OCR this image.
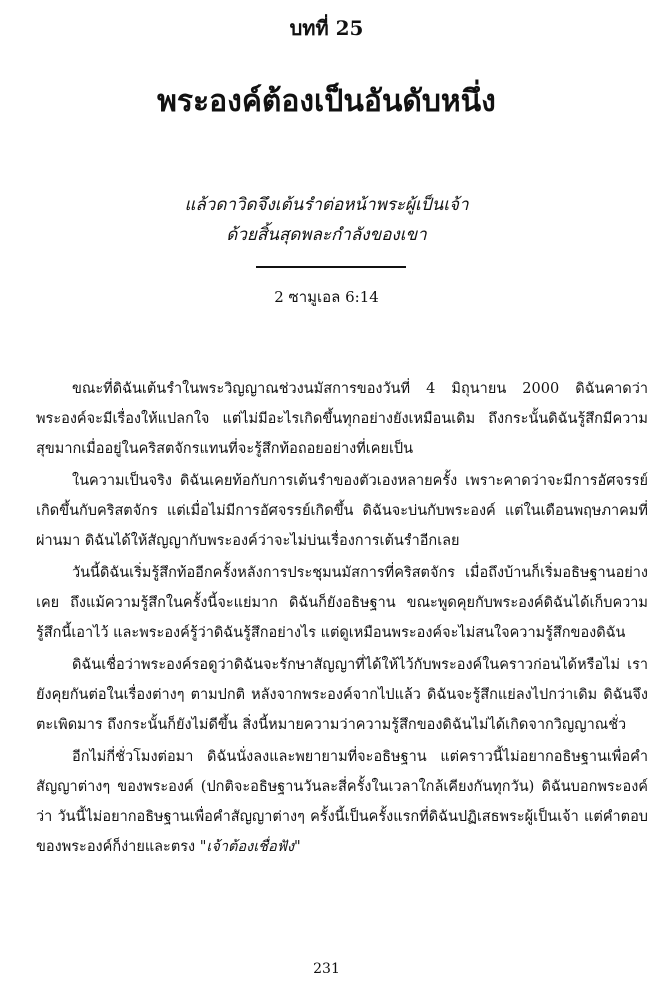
บทที่ 25
พระองค์ต้องเป็นอันดับหนึ่ง
แล้วดาวิดจึงเต้นรำต่อหน้าพระผู้เป็นเจ้า
ด้วยสิ้นสุดพละกำลังของเขา
2 ซามูเอล 6:14

ขณะที่ดิฉันเต้นรำในพระวิญญาณช่วงนมัสการของวันที่ 4 มิถุนายน 2000 ดิฉันคาดว่าพระองค์จะมีเรื่องให้แปลกใจ แต่ไม่มีอะไรเกิดขึ้นทุกอย่างยังเหมือนเดิม ถึงกระนั้นดิฉันรู้สึกมีความสุขมากเมื่ออยู่ในคริสตจักรแทนที่จะรู้สึกท้อถอยอย่างที่เคยเป็น

ในความเป็นจริง ดิฉันเคยท้อกับการเต้นรำของตัวเองหลายครั้ง เพราะคาดว่าจะมีการอัศจรรย์เกิดขึ้นกับคริสตจักร แต่เมื่อไม่มีการอัศจรรย์เกิดขึ้น ดิฉันจะบ่นกับพระองค์ แต่ในเดือนพฤษภาคมที่ผ่านมา ดิฉันได้ให้สัญญากับพระองค์ว่าจะไม่บ่นเรื่องการเต้นรำอีกเลย

วันนี้ดิฉันเริ่มรู้สึกท้ออีกครั้งหลังการประชุมนมัสการที่คริสตจักร เมื่อถึงบ้านก็เริ่มอธิษฐานอย่างเคย ถึงแม้ความรู้สึกในครั้งนี้จะแย่มาก ดิฉันก็ยังอธิษฐาน ขณะพูดคุยกับพระองค์ดิฉันได้เก็บความรู้สึกนี้เอาไว้ และพระองค์รู้ว่าดิฉันรู้สึกอย่างไร แต่ดูเหมือนพระองค์จะไม่สนใจความรู้สึกของดิฉัน

ดิฉันเชื่อว่าพระองค์รอดูว่าดิฉันจะรักษาสัญญาที่ได้ให้ไว้กับพระองค์ในคราวก่อนได้หรือไม่ เรายังคุยกันต่อในเรื่องต่างๆ ตามปกติ หลังจากพระองค์จากไปแล้ว ดิฉันจะรู้สึกแย่ลงไปกว่าเดิม ดิฉันจึงตะเพิดมาร ถึงกระนั้นก็ยังไม่ดีขึ้น สิ่งนี้หมายความว่าความรู้สึกของดิฉันไม่ได้เกิดจากวิญญาณชั่ว

อีกไม่กี่ชั่วโมงต่อมา ดิฉันนั่งลงและพยายามที่จะอธิษฐาน แต่คราวนี้ไม่อยากอธิษฐานเพื่อคำสัญญาต่างๆ ของพระองค์ (ปกติจะอธิษฐานวันละสี่ครั้งในเวลาใกล้เคียงกันทุกวัน) ดิฉันบอกพระองค์ว่า วันนี้ไม่อยากอธิษฐานเพื่อคำสัญญาต่างๆ ครั้งนี้เป็นครั้งแรกที่ดิฉันปฏิเสธพระผู้เป็นเจ้า แต่คำตอบของพระองค์ก็ง่ายและตรง "เจ้าต้องเชื่อฟัง"

231
